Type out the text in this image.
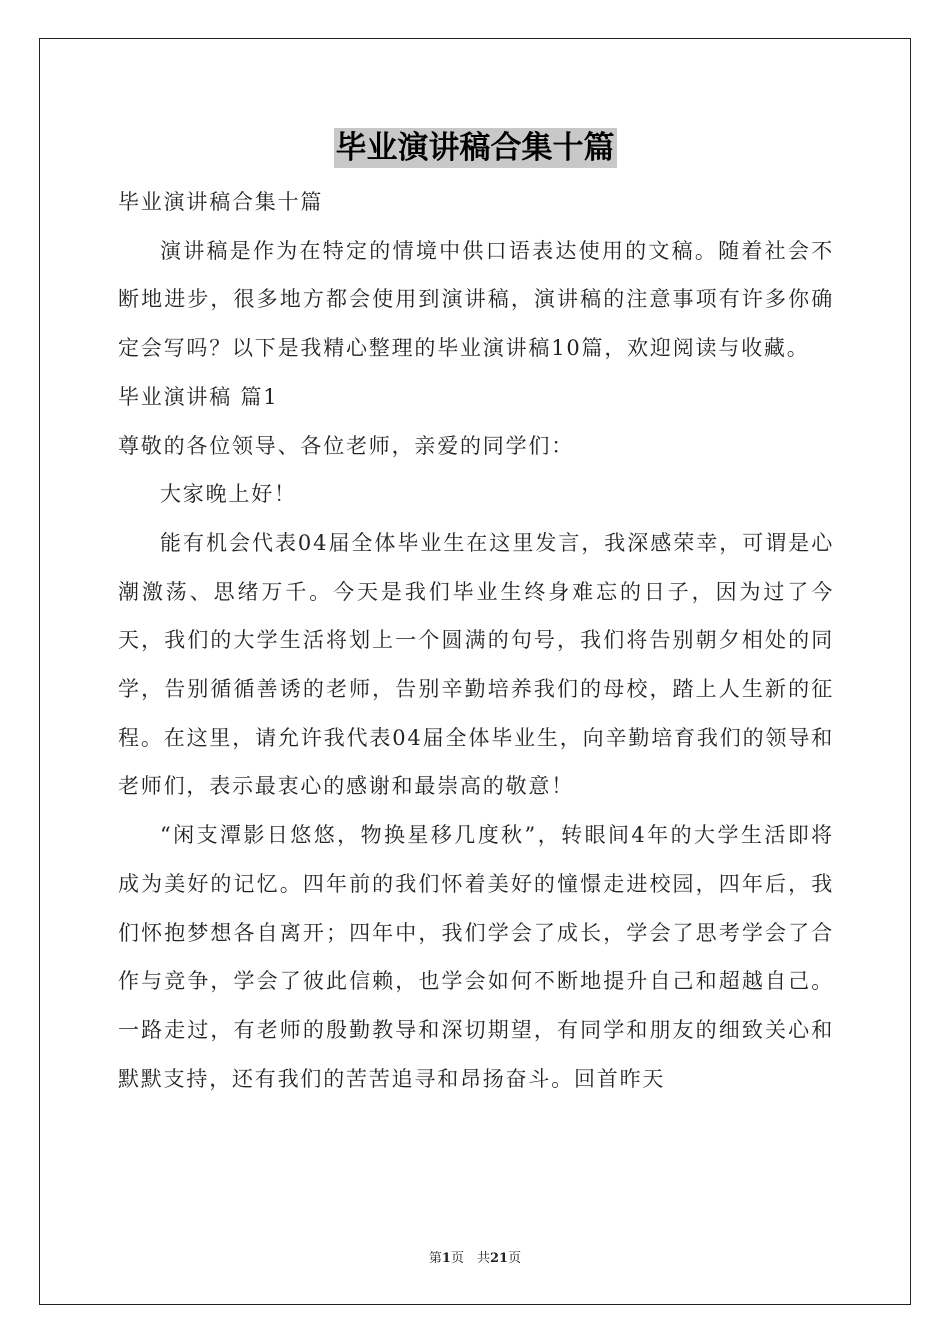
毕业演讲稿合集十篇

毕业演讲稿合集十篇

演讲稿是作为在特定的情境中供口语表达使用的文稿。随着社会不断地进步，很多地方都会使用到演讲稿，演讲稿的注意事项有许多你确定会写吗？以下是我精心整理的毕业演讲稿10篇，欢迎阅读与收藏。

毕业演讲稿 篇1

尊敬的各位领导、各位老师，亲爱的同学们：

大家晚上好！

能有机会代表04届全体毕业生在这里发言，我深感荣幸，可谓是心潮激荡、思绪万千。今天是我们毕业生终身难忘的日子，因为过了今天，我们的大学生活将划上一个圆满的句号，我们将告别朝夕相处的同学，告别循循善诱的老师，告别辛勤培养我们的母校，踏上人生新的征程。在这里，请允许我代表04届全体毕业生，向辛勤培育我们的领导和老师们，表示最衷心的感谢和最崇高的敬意！

“闲支潭影日悠悠，物换星移几度秋”，转眼间4年的大学生活即将成为美好的记忆。四年前的我们怀着美好的憧憬走进校园，四年后，我们怀抱梦想各自离开；四年中，我们学会了成长，学会了思考学会了合作与竞争，学会了彼此信赖，也学会如何不断地提升自己和超越自己。一路走过，有老师的殷勤教导和深切期望，有同学和朋友的细致关心和默默支持，还有我们的苦苦追寻和昂扬奋斗。回首昨天

第1页　共21页
